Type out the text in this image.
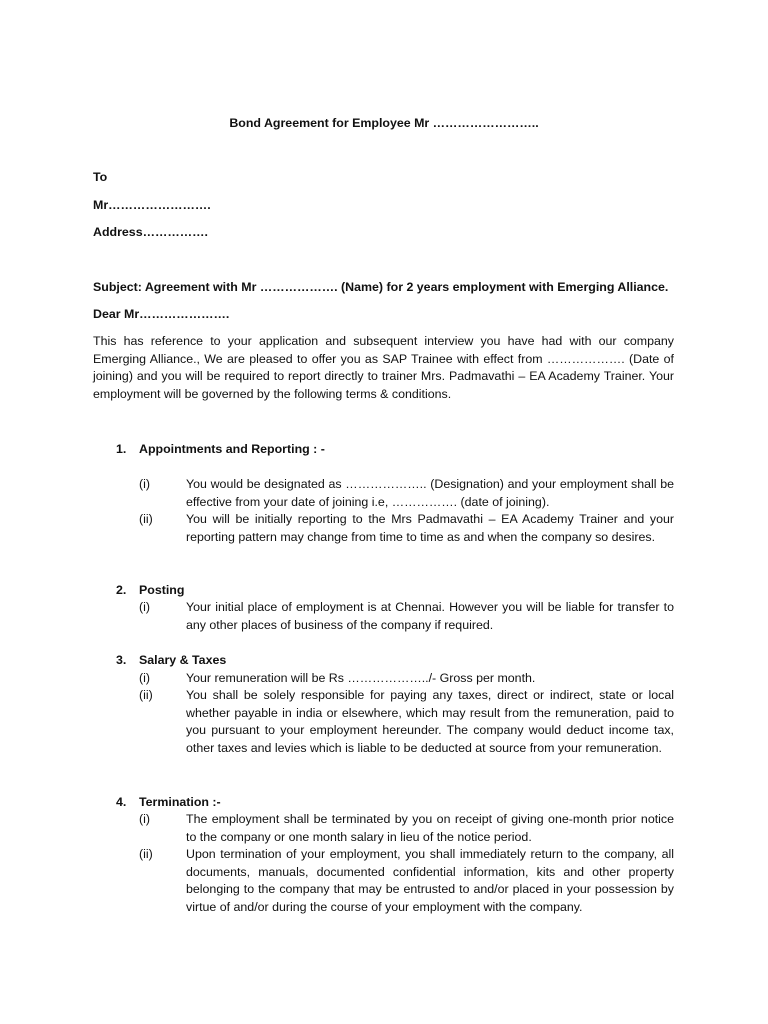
Bond Agreement for Employee Mr ……………………..
To
Mr…………………….
Address…………….
Subject: Agreement with Mr ………………. (Name) for 2 years employment with Emerging Alliance.
Dear Mr………………….
This has reference to your application and subsequent interview you have had with our company Emerging Alliance., We are pleased to offer you as SAP Trainee with effect from ………………. (Date of joining) and you will be required to report directly to trainer Mrs. Padmavathi – EA Academy Trainer. Your employment will be governed by the following terms & conditions.
1. Appointments and Reporting : -
(i)	You would be designated as ……………….. (Designation) and your employment shall be effective from your date of joining i.e, ……………. (date of joining).
(ii)	You will be initially reporting to the Mrs Padmavathi – EA Academy Trainer and your reporting pattern may change from time to time as and when the company so desires.
2. Posting
(i)	Your initial place of employment is at Chennai. However you will be liable for transfer to any other places of business of the company if required.
3. Salary & Taxes
(i)	Your remuneration will be Rs ………………../- Gross per month.
(ii)	You shall be solely responsible for paying any taxes, direct or indirect, state or local whether payable in india or elsewhere, which may result from the remuneration, paid to you pursuant to your employment hereunder. The company would deduct income tax, other taxes and levies which is liable to be deducted at source from your remuneration.
4. Termination :-
(i)	The employment shall be terminated by you on receipt of giving one-month prior notice to the company or one month salary in lieu of the notice period.
(ii)	Upon termination of your employment, you shall immediately return to the company, all documents, manuals, documented confidential information, kits and other property belonging to the company that may be entrusted to and/or placed in your possession by virtue of and/or during the course of your employment with the company.
